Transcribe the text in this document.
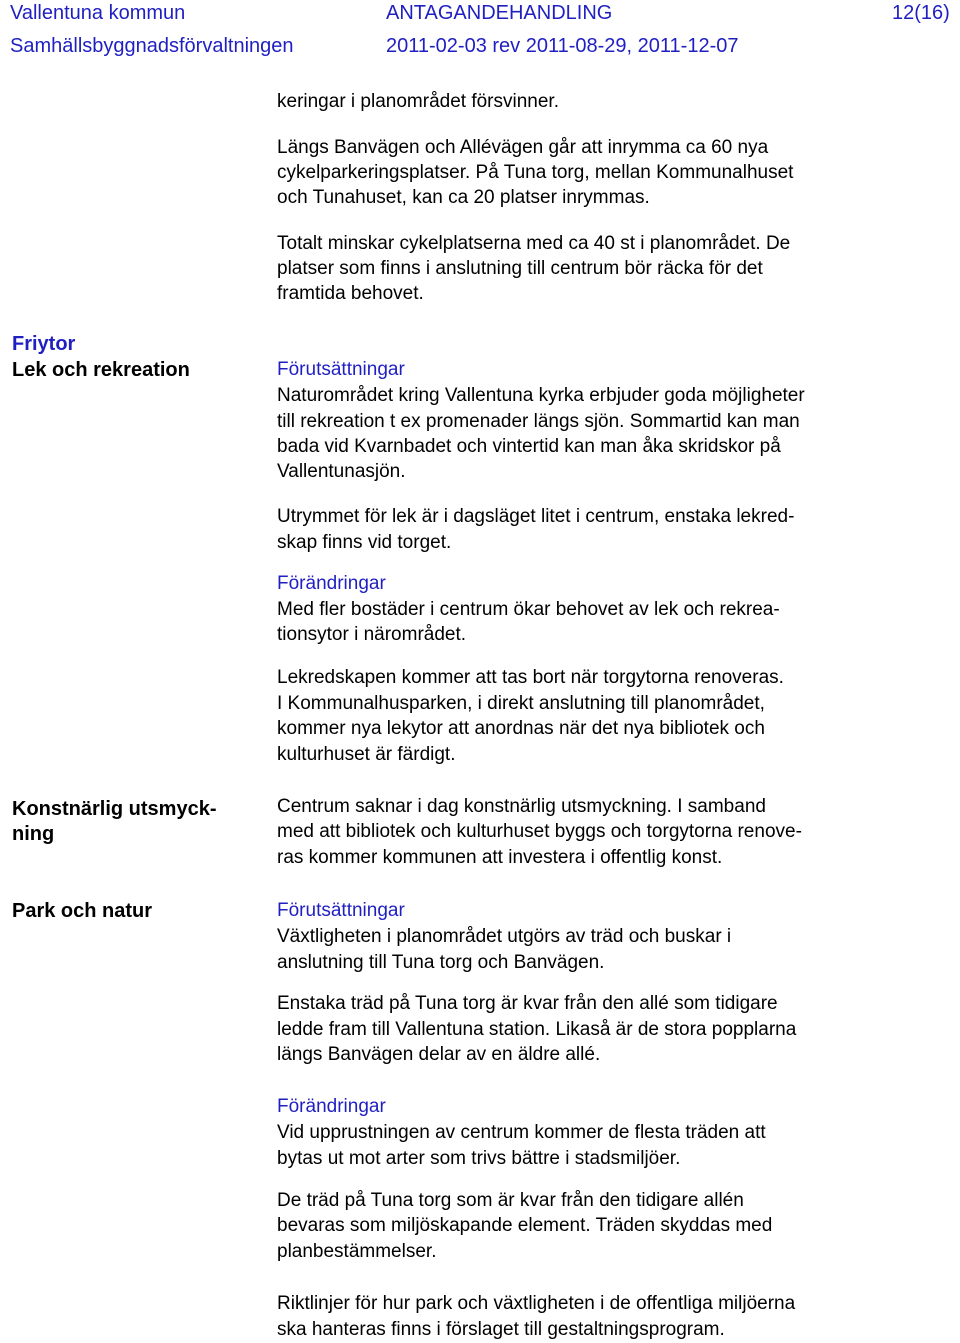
Vallentuna kommun	ANTAGANDEHANDLING	12(16)

Samhällsbyggnadsförvaltningen	2011-02-03 rev 2011-08-29, 2011-12-07

Friytor

Lek och rekreation

Konstnärlig utsmyck-

ning

Park och natur

keringar i planområdet försvinner.

Längs Banvägen och Allévägen går att inrymma ca 60 nya

cykelparkeringsplatser. På Tuna torg, mellan Kommunalhuset

och Tunahuset, kan ca 20 platser inrymmas.

Totalt minskar cykelplatserna med ca 40 st i planområdet. De

platser som finns i anslutning till centrum bör räcka för det

framtida behovet.

Förutsättningar

Naturområdet kring Vallentuna kyrka erbjuder goda möjligheter

till rekreation t ex promenader längs sjön. Sommartid kan man

bada vid Kvarnbadet och vintertid kan man åka skridskor på

Vallentunasjön.

Utrymmet för lek är i dagsläget litet i centrum, enstaka lekred-

skap finns vid torget.

Förändringar

Med fler bostäder i centrum ökar behovet av lek och rekrea-

tionsytor i närområdet.

Lekredskapen kommer att tas bort när torgytorna renoveras.

I Kommunalhusparken, i direkt anslutning till planområdet,

kommer nya lekytor att anordnas när det nya bibliotek och

kulturhuset är färdigt.

Centrum saknar i dag konstnärlig utsmyckning. I samband

med att bibliotek och kulturhuset byggs och torgytorna renove-

ras kommer kommunen att investera i offentlig konst.

Förutsättningar

Växtligheten i planområdet utgörs av träd och buskar i

anslutning till Tuna torg och Banvägen.

Enstaka träd på Tuna torg är kvar från den allé som tidigare

ledde fram till Vallentuna station. Likaså är de stora popplarna

längs Banvägen delar av en äldre allé.

Förändringar

Vid upprustningen av centrum kommer de flesta träden att

bytas ut mot arter som trivs bättre i stadsmiljöer.

De träd på Tuna torg som är kvar från den tidigare allén

bevaras som miljöskapande element. Träden skyddas med

planbestämmelser.

Riktlinjer för hur park och växtligheten i de offentliga miljöerna

ska hanteras finns i förslaget till gestaltningsprogram.
